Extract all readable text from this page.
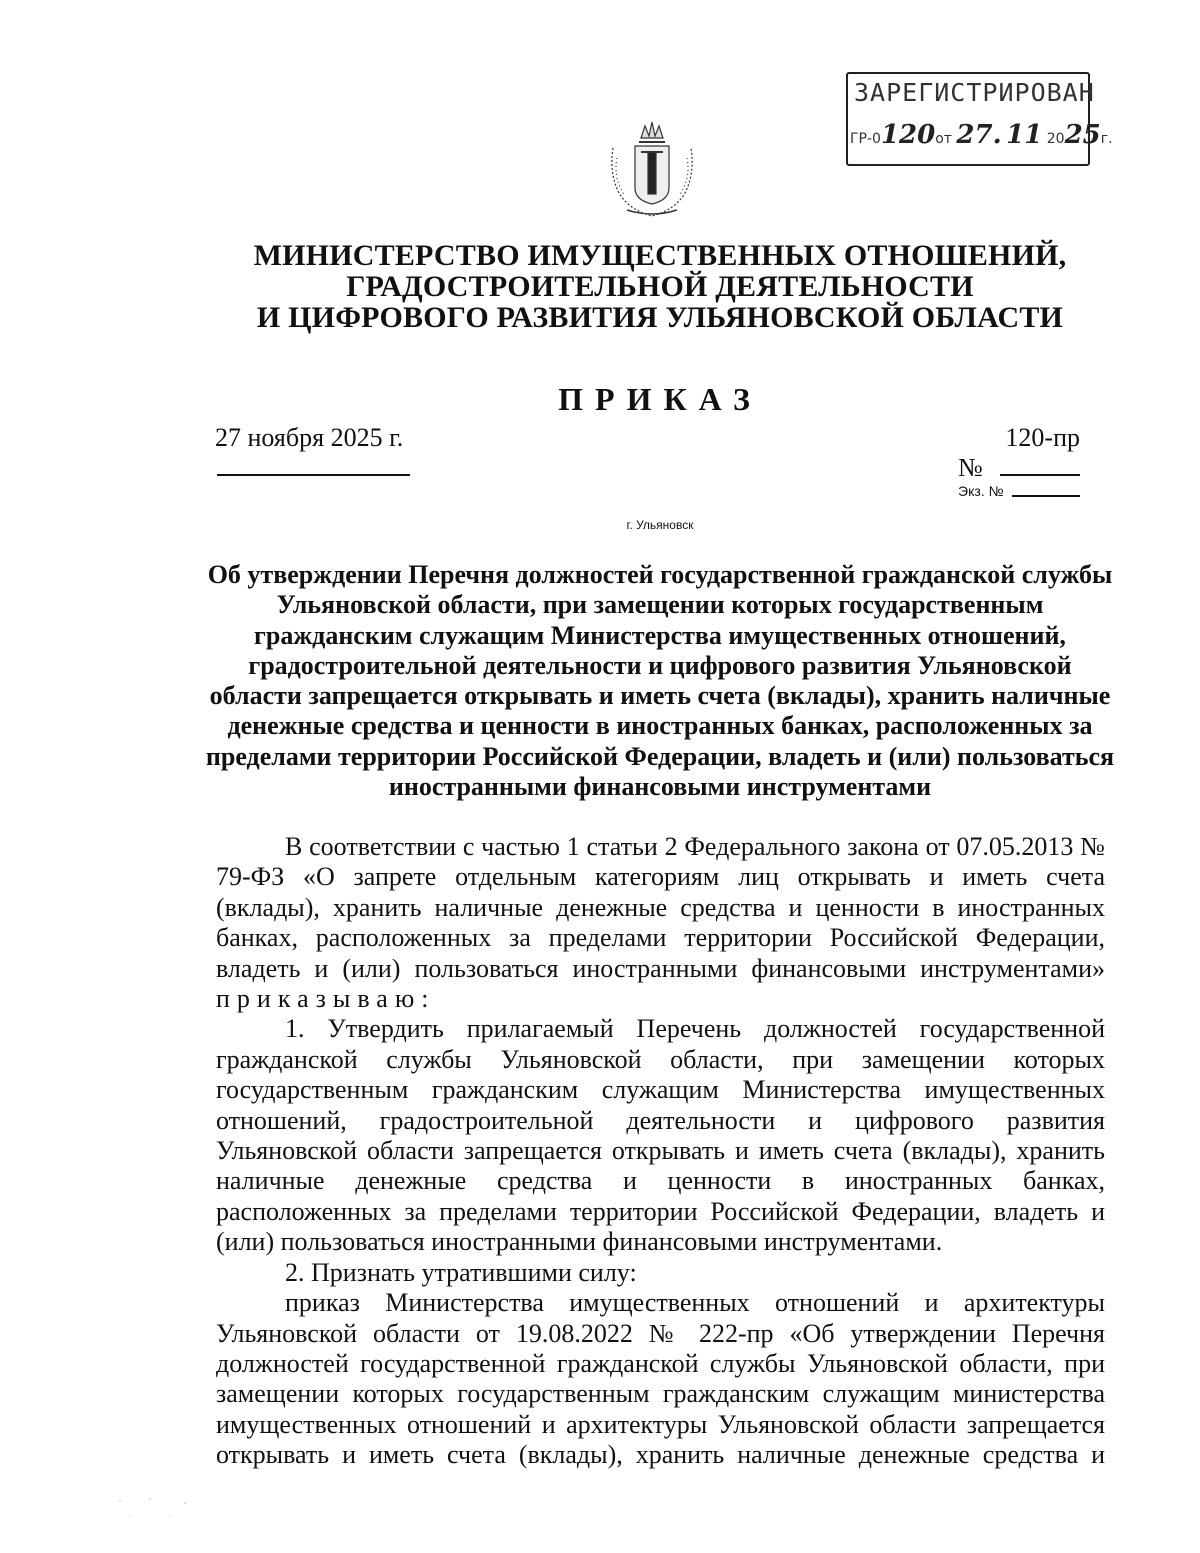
ЗАРЕГИСТРИРОВАН
ГР-0120от 27. 11 2025г.
МИНИСТЕРСТВО ИМУЩЕСТВЕННЫХ ОТНОШЕНИЙ,
ГРАДОСТРОИТЕЛЬНОЙ ДЕЯТЕЛЬНОСТИ
И ЦИФРОВОГО РАЗВИТИЯ УЛЬЯНОВСКОЙ ОБЛАСТИ
ПРИКАЗ
27 ноября 2025 г.	120-пр
№
Экз. №
г. Ульяновск
Об утверждении Перечня должностей государственной гражданской службы Ульяновской области, при замещении которых государственным гражданским служащим Министерства имущественных отношений, градостроительной деятельности и цифрового развития Ульяновской области запрещается открывать и иметь счета (вклады), хранить наличные денежные средства и ценности в иностранных банках, расположенных за пределами территории Российской Федерации, владеть и (или) пользоваться иностранными финансовыми инструментами

В соответствии с частью 1 статьи 2 Федерального закона от 07.05.2013 № 79-ФЗ «О запрете отдельным категориям лиц открывать и иметь счета (вклады), хранить наличные денежные средства и ценности в иностранных банках, расположенных за пределами территории Российской Федерации, владеть и (или) пользоваться иностранными финансовыми инструментами» приказываю:

1. Утвердить прилагаемый Перечень должностей государственной гражданской службы Ульяновской области, при замещении которых государственным гражданским служащим Министерства имущественных отношений, градостроительной деятельности и цифрового развития Ульяновской области запрещается открывать и иметь счета (вклады), хранить наличные денежные средства и ценности в иностранных банках, расположенных за пределами территории Российской Федерации, владеть и (или) пользоваться иностранными финансовыми инструментами.

2. Признать утратившими силу:

приказ Министерства имущественных отношений и архитектуры Ульяновской области от 19.08.2022 № 222-пр «Об утверждении Перечня должностей государственной гражданской службы Ульяновской области, при замещении которых государственным гражданским служащим министерства имущественных отношений и архитектуры Ульяновской области запрещается открывать и иметь счета (вклады), хранить наличные денежные средства и
